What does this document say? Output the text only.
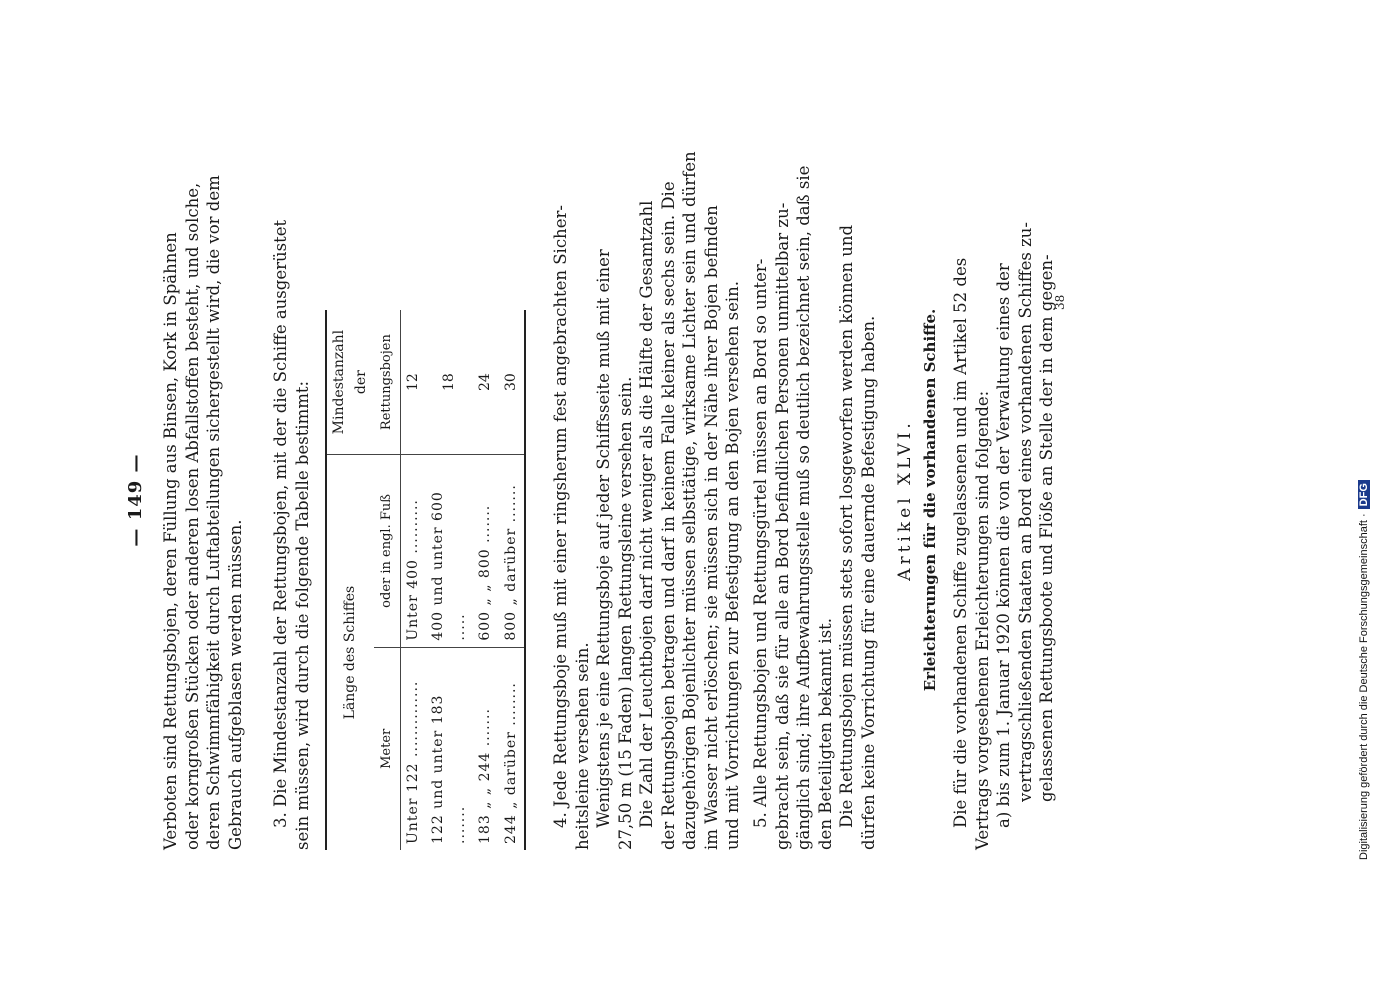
— 149 — Verboten sind Rettungsbojen, deren Füllung aus Binsen, Kork in Spähnen oder korngroßen Stücken oder anderen losen Abfallstoffen besteht, und solche, deren Schwimmfähigkeit durch Luftabteilungen sichergestellt wird, die vor dem Gebrauch aufgeblasen werden müssen. 3. Die Mindestanzahl der Rettungsbojen, mit der die Schiffe ausgerüstet sein müssen, wird durch die folgende Tabelle bestimmt: Länge des Schiffes		Mindestanzahl der
Meter	oder in engl. Fuß	Rettungsbojen
Unter 122 ..............	Unter 400 ..........	12
122 und unter 183 .......	400 und unter 600 .....	18
183 „ „ 244 .......	600 „ „ 800 .......	24
244 „ darüber ........	800 „ darüber .......	30 4. Jede Rettungsboje muß mit einer ringsherum fest angebrachten Sicher- heitsleine versehen sein. Wenigstens je eine Rettungsboje auf jeder Schiffsseite muß mit einer 27,50 m (15 Faden) langen Rettungsleine versehen sein. Die Zahl der Leuchtbojen darf nicht weniger als die Hälfte der Gesamtzahl der Rettungsbojen betragen und darf in keinem Falle kleiner als sechs sein. Die dazugehörigen Bojenlichter müssen selbsttätige, wirksame Lichter sein und dürfen im Wasser nicht erlöschen; sie müssen sich in der Nähe ihrer Bojen befinden und mit Vorrichtungen zur Befestigung an den Bojen versehen sein. 5. Alle Rettungsbojen und Rettungsgürtel müssen an Bord so unter- gebracht sein, daß sie für alle an Bord befindlichen Personen unmittelbar zu- gänglich sind; ihre Aufbewahrungsstelle muß so deutlich bezeichnet sein, daß sie den Beteiligten bekannt ist. Die Rettungsbojen müssen stets sofort losgeworfen werden können und dürfen keine Vorrichtung für eine dauernde Befestigung haben. Artikel XLVI. Erleichterungen für die vorhandenen Schiffe. Die für die vorhandenen Schiffe zugelassenen und im Artikel 52 des Vertrags vorgesehenen Erleichterungen sind folgende: a) bis zum 1. Januar 1920 können die von der Verwaltung eines der vertragschließenden Staaten an Bord eines vorhandenen Schiffes zu- gelassenen Rettungsboote und Flöße an Stelle der in dem gegen-
38
Digitalisierung gefördert durch die Deutsche Forschungsgemeinschaft ·DFG
